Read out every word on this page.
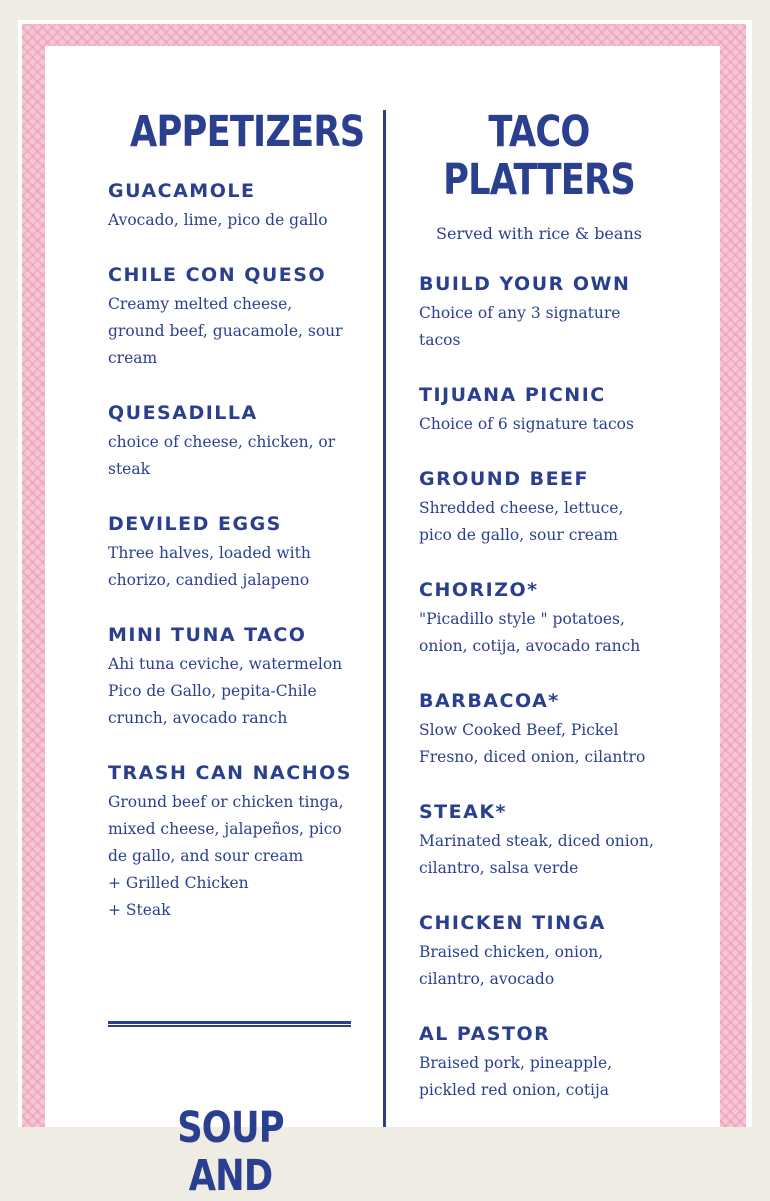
APPETIZERS
GUACAMOLE
Avocado, lime, pico de gallo
CHILE CON QUESO
Creamy melted cheese, ground beef, guacamole, sour cream
QUESADILLA
choice of cheese, chicken, or steak
DEVILED EGGS
Three halves, loaded with chorizo, candied jalapeno
MINI TUNA TACO
Ahi tuna ceviche, watermelon Pico de Gallo, pepita-Chile crunch, avocado ranch
TRASH CAN NACHOS
Ground beef or chicken tinga, mixed cheese, jalapeños, pico de gallo, and sour cream
+ Grilled Chicken
+ Steak
SOUP AND
TACO
PLATTERS
Served with rice & beans
BUILD YOUR OWN
Choice of any 3 signature tacos
TIJUANA PICNIC
Choice of 6 signature tacos
GROUND BEEF
Shredded cheese, lettuce, pico de gallo, sour cream
CHORIZO*
"Picadillo style " potatoes, onion, cotija, avocado ranch
BARBACOA*
Slow Cooked Beef, Pickel Fresno, diced onion, cilantro
STEAK*
Marinated steak, diced onion, cilantro, salsa verde
CHICKEN TINGA
Braised chicken, onion, cilantro, avocado
AL PASTOR
Braised pork, pineapple, pickled red onion, cotija
